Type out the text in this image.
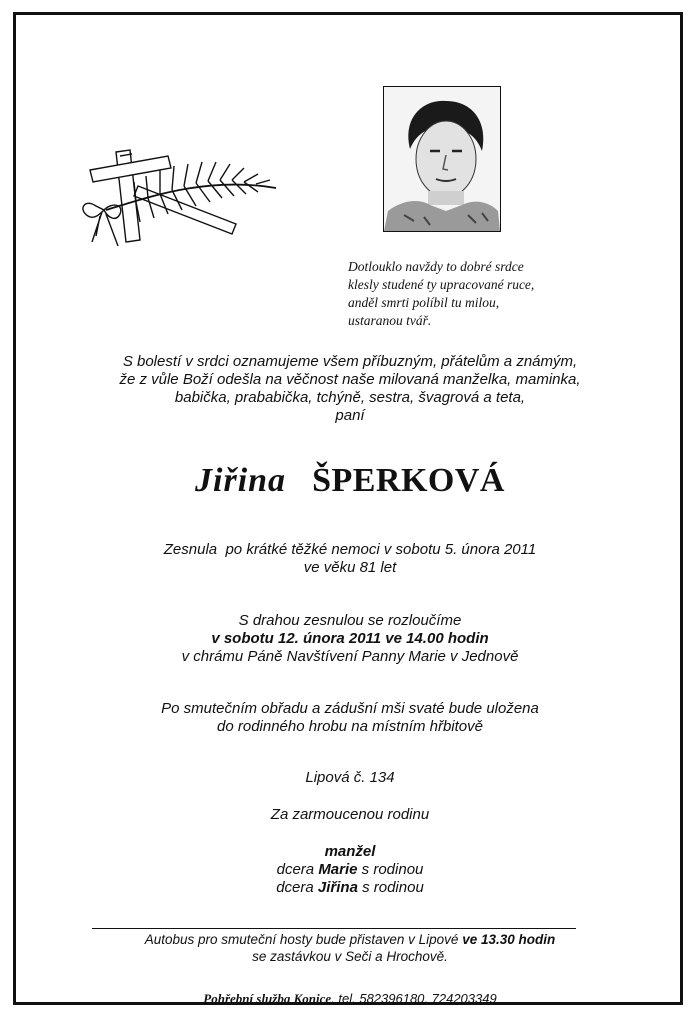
Dotlouklo navždy to dobré srdce
klesly studené ty upracované ruce,
anděl smrti políbil tu milou,
ustaranou tvář.
S bolestí v srdci oznamujeme všem příbuzným, přátelům a známým,
že z vůle Boží odešla na věčnost naše milovaná manželka, maminka,
babička, prababička, tchýně, sestra, švagrová a teta,
paní
Jiřina ŠPERKOVÁ
Zesnula  po krátké těžké nemoci v sobotu 5. února 2011
ve věku 81 let
S drahou zesnulou se rozloučíme
v sobotu 12. února 2011 ve 14.00 hodin
v chrámu Páně Navštívení Panny Marie v Jednově
Po smutečním obřadu a zádušní mši svaté bude uložena
do rodinného hrobu na místním hřbitově
Lipová č. 134
Za zarmoucenou rodinu
manžel
dcera Marie s rodinou
dcera Jiřina s rodinou
Autobus pro smuteční hosty bude přistaven v Lipové ve 13.30 hodin
se zastávkou v Seči a Hrochově.
Pohřební služba Konice, tel. 582396180, 724203349
